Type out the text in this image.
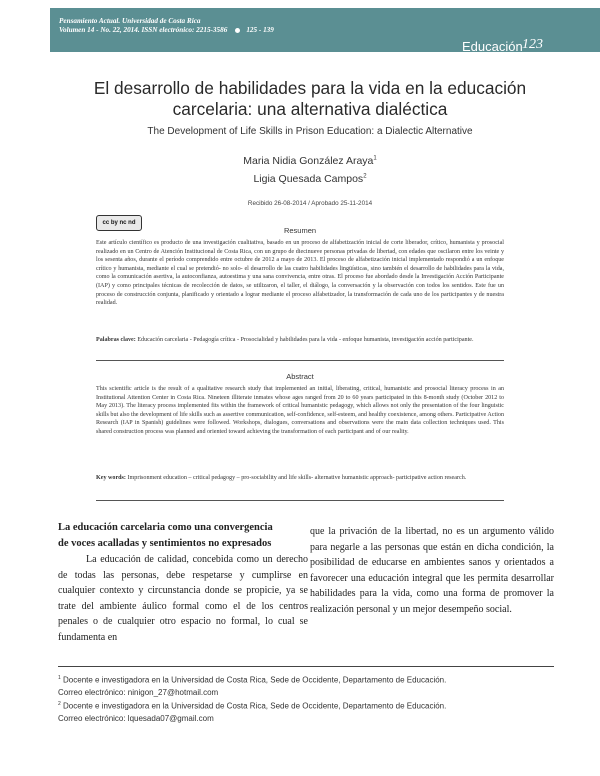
Pensamiento Actual. Universidad de Costa Rica
Volumen 14 - No. 22, 2014. ISSN electrónico: 2215-3586	125 - 139
Educación 123
El desarrollo de habilidades para la vida en la educación
carcelaria: una alternativa dialéctica
The Development of Life Skills in Prison Education: a Dialectic Alternative
Maria Nidia González Araya$^1$
Ligia Quesada Campos$^2$
Recibido 26-08-2014 / Aprobado 25-11-2014
cc by nc nd
Resumen

Este artículo científico es producto de una investigación cualitativa, basado en un proceso de alfabetización inicial de corte liberador, crítico, humanista y prosocial realizado en un Centro de Atención Institucional de Costa Rica, con un grupo de diecinueve personas privadas de libertad, con edades que oscilaron entre los veinte y los sesenta años, durante el período comprendido entre octubre de 2012 a mayo de 2013. El proceso de alfabetización inicial implementado respondió a un enfoque crítico y humanista, mediante el cual se pretendió- no solo- el desarrollo de las cuatro habilidades lingüísticas, sino también el desarrollo de habilidades para la vida, como la comunicación asertiva, la autoconfianza, autoestima y una sana convivencia, entre otras. El proceso fue abordado desde la Investigación Acción Participante (IAP) y como principales técnicas de recolección de datos, se utilizaron, el taller, el diálogo, la conversación y la observación con todos los sentidos. Este fue un proceso de construcción conjunta, planificado y orientado a lograr mediante el proceso alfabetizador, la transformación de cada uno de los participantes y de nuestra realidad.

Palabras clave: Educación carcelaria - Pedagogía crítica - Prosocialidad y habilidades para la vida - enfoque humanista, investigación acción participante.

Abstract

This scientific article is the result of a qualitative research study that implemented an initial, liberating, critical, humanistic and prosocial literacy process in an Institutional Attention Center in Costa Rica. Nineteen illiterate inmates whose ages ranged from 20 to 60 years participated in this 8-month study (October 2012 to May 2013). The literacy process implemented fits within the framework of critical humanistic pedagogy, which allows not only the presentation of the four linguistic skills but also the development of life skills such as assertive communication, self-confidence, self-esteem, and healthy coexistence, among others. Participative Action Research (IAP in Spanish) guidelines were followed. Workshops, dialogues, conversations and observations were the main data collection techniques used. This shared construction process was planned and oriented toward achieving the transformation of each participant and of our reality.

Key words: Imprisonment education – critical pedagogy – pro-sociability and life skills- alternative humanistic approach- participative action research.

La educación carcelaria como una convergencia
de voces acalladas y sentimientos no expresados

La educación de calidad, concebida como un derecho de todas las personas, debe respetarse y cumplirse en cualquier contexto y circunstancia donde se propicie, ya se trate del ambiente áulico formal como el de los centros penales o de cualquier otro espacio no formal, lo cual se fundamenta en

que la privación de la libertad, no es un argumento válido para negarle a las personas que están en dicha condición, la posibilidad de educarse en ambientes sanos y orientados a favorecer una educación integral que les permita desarrollar habilidades para la vida, como una forma de promover la realización personal y un mejor desempeño social.

$^1$ Docente e investigadora en la Universidad de Costa Rica, Sede de Occidente, Departamento de Educación.
Correo electrónico: ninigon_27@hotmail.com
$^2$ Docente e investigadora en la Universidad de Costa Rica, Sede de Occidente, Departamento de Educación.
Correo electrónico: lquesada07@gmail.com
